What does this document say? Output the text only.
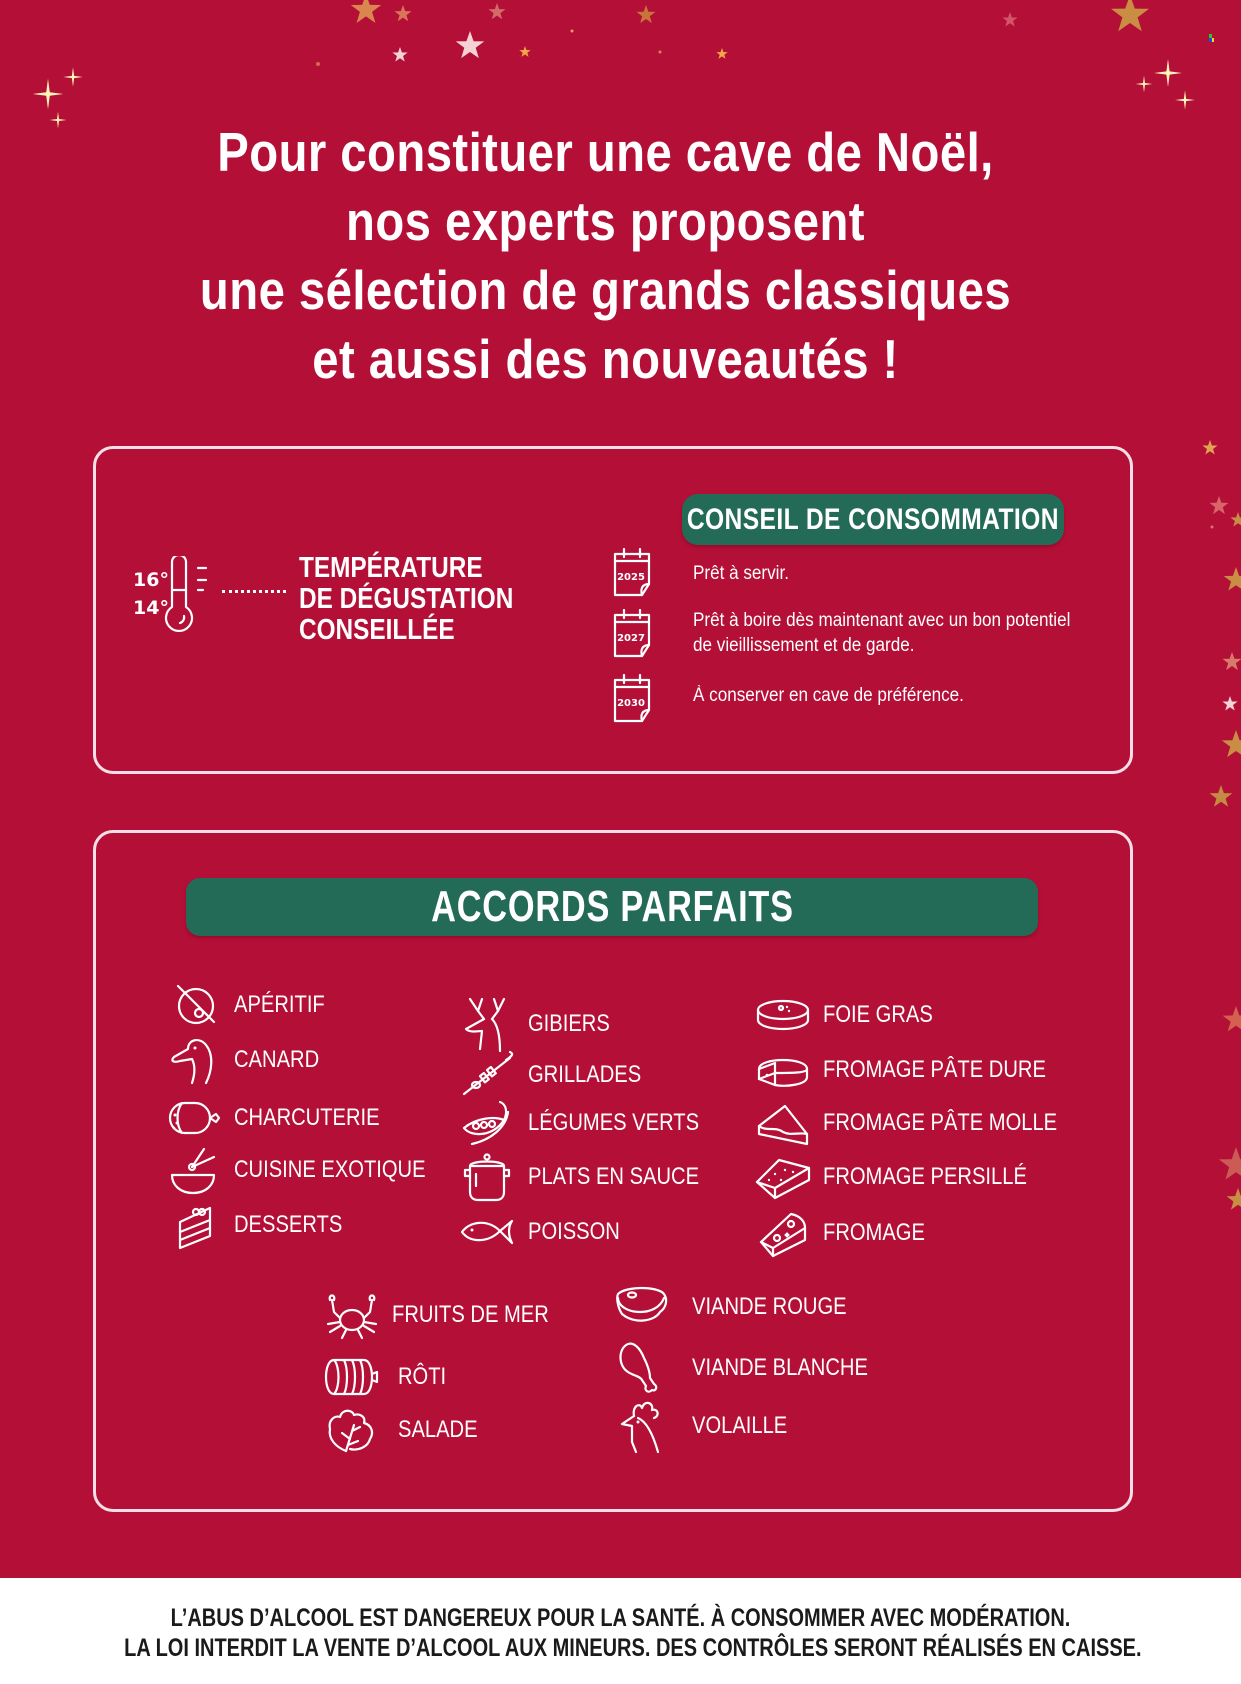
Pour constituer une cave de Noël,
nos experts proposent
une sélection de grands classiques
et aussi des nouveautés !
16°
14°
TEMPÉRATURE
DE DÉGUSTATION
CONSEILLÉE
CONSEIL DE CONSOMMATION
2025
2027
2030
Prêt à servir.
Prêt à boire dès maintenant avec un bon potentiel
de vieillissement et de garde.
À conserver en cave de préférence.
ACCORDS PARFAITS
APÉRITIF
CANARD
CHARCUTERIE
CUISINE EXOTIQUE
DESSERTS
GIBIERS
GRILLADES
LÉGUMES VERTS
PLATS EN SAUCE
POISSON
FOIE GRAS
FROMAGE PÂTE DURE
FROMAGE PÂTE MOLLE
FROMAGE PERSILLÉ
FROMAGE
FRUITS DE MER
RÔTI
SALADE
VIANDE ROUGE
VIANDE BLANCHE
VOLAILLE
L’ABUS D’ALCOOL EST DANGEREUX POUR LA SANTÉ. À CONSOMMER AVEC MODÉRATION.
LA LOI INTERDIT LA VENTE D’ALCOOL AUX MINEURS. DES CONTRÔLES SERONT RÉALISÉS EN CAISSE.
